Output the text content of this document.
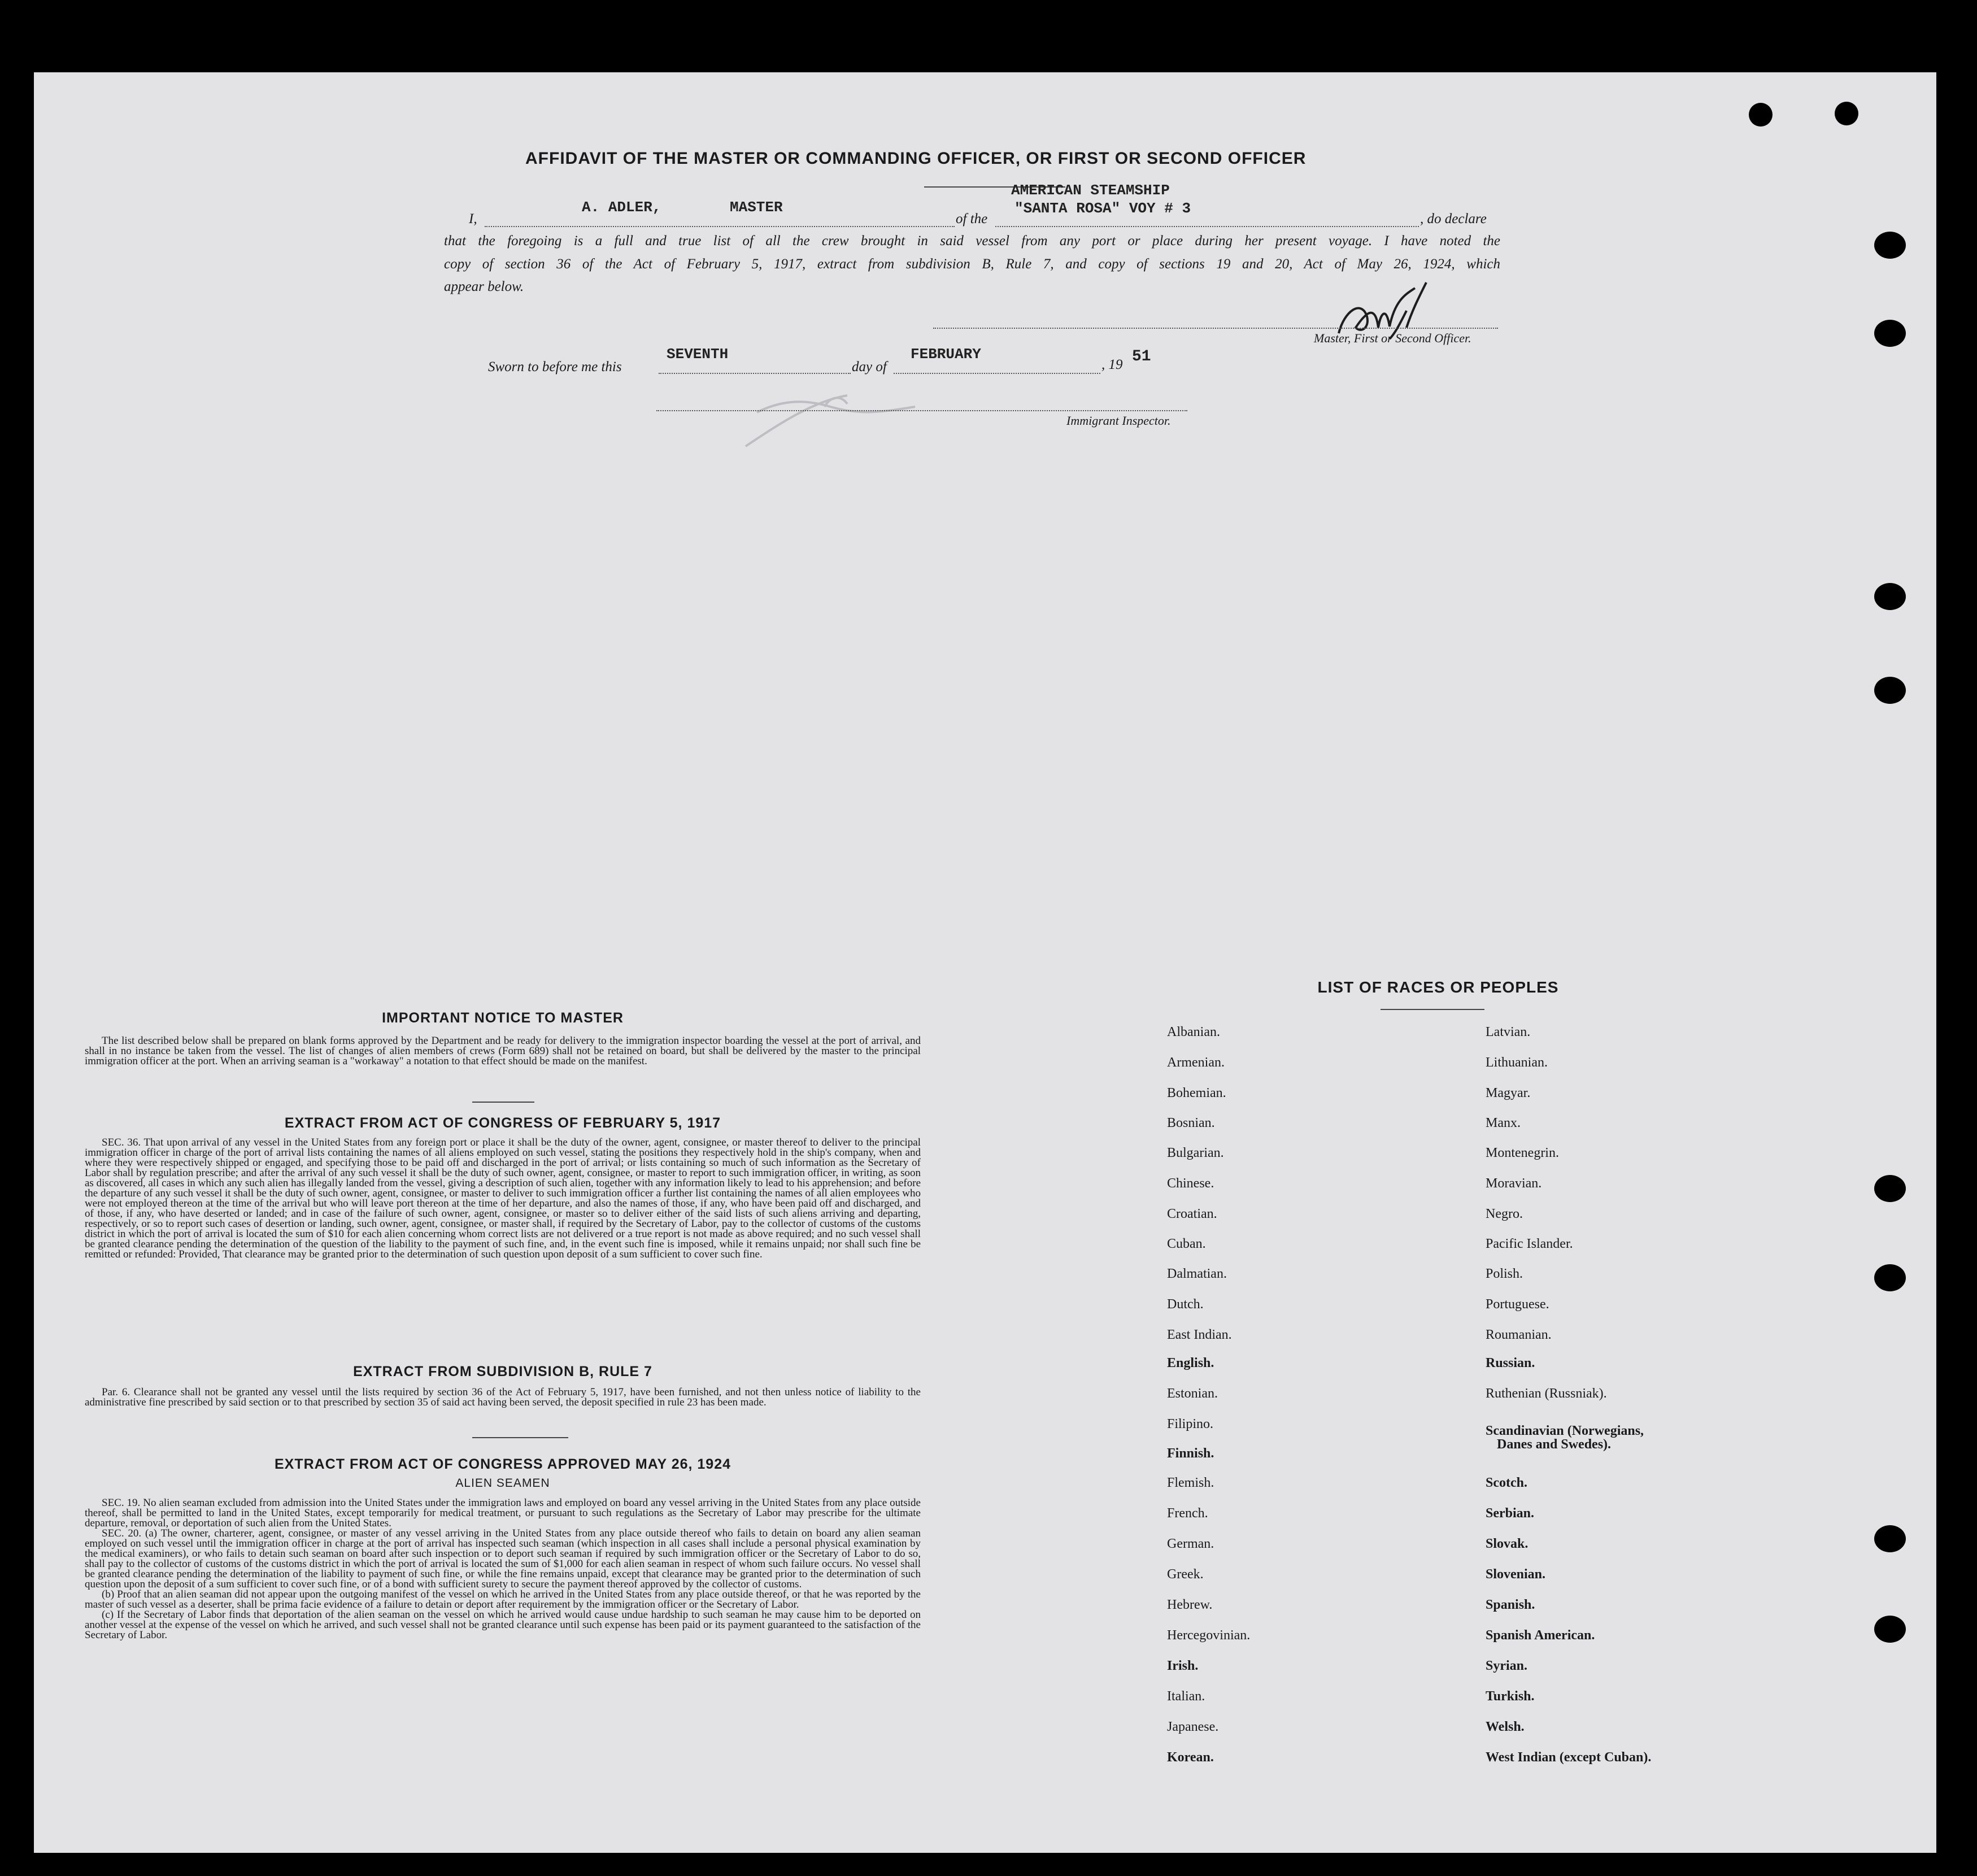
AFFIDAVIT OF THE MASTER OR COMMANDING OFFICER, OR FIRST OR SECOND OFFICER
I,
A. ADLER,	MASTER
of the
AMERICAN STEAMSHIP
"SANTA ROSA" VOY # 3
, do declare
that the foregoing is a full and true list of all the crew brought in said vessel from any port or place during her present voyage. I have noted the
copy of section 36 of the Act of February 5, 1917, extract from subdivision B, Rule 7, and copy of sections 19 and 20, Act of May 26, 1924, which
appear below.
Master, First or Second Officer.
Sworn to before me this
SEVENTH
day of
FEBRUARY
, 19 51
Immigrant Inspector.
IMPORTANT NOTICE TO MASTER

The list described below shall be prepared on blank forms approved by the Department and be ready for delivery to the immigration inspector boarding the vessel at the port of arrival, and shall in no instance be taken from the vessel. The list of changes of alien members of crews (Form 689) shall not be retained on board, but shall be delivered by the master to the principal immigration officer at the port. When an arriving seaman is a "workaway" a notation to that effect should be made on the manifest.

EXTRACT FROM ACT OF CONGRESS OF FEBRUARY 5, 1917

SEC. 36. That upon arrival of any vessel in the United States from any foreign port or place it shall be the duty of the owner, agent, consignee, or master thereof to deliver to the principal immigration officer in charge of the port of arrival lists containing the names of all aliens employed on such vessel, stating the positions they respectively hold in the ship's company, when and where they were respectively shipped or engaged, and specifying those to be paid off and discharged in the port of arrival; or lists containing so much of such information as the Secretary of Labor shall by regulation prescribe; and after the arrival of any such vessel it shall be the duty of such owner, agent, consignee, or master to report to such immigration officer, in writing, as soon as discovered, all cases in which any such alien has illegally landed from the vessel, giving a description of such alien, together with any information likely to lead to his apprehension; and before the departure of any such vessel it shall be the duty of such owner, agent, consignee, or master to deliver to such immigration officer a further list containing the names of all alien employees who were not employed thereon at the time of the arrival but who will leave port thereon at the time of her departure, and also the names of those, if any, who have been paid off and discharged, and of those, if any, who have deserted or landed; and in case of the failure of such owner, agent, consignee, or master so to deliver either of the said lists of such aliens arriving and departing, respectively, or so to report such cases of desertion or landing, such owner, agent, consignee, or master shall, if required by the Secretary of Labor, pay to the collector of customs of the customs district in which the port of arrival is located the sum of $10 for each alien concerning whom correct lists are not delivered or a true report is not made as above required; and no such vessel shall be granted clearance pending the determination of the question of the liability to the payment of such fine, and, in the event such fine is imposed, while it remains unpaid; nor shall such fine be remitted or refunded: Provided, That clearance may be granted prior to the determination of such question upon deposit of a sum sufficient to cover such fine.

EXTRACT FROM SUBDIVISION B, RULE 7

Par. 6. Clearance shall not be granted any vessel until the lists required by section 36 of the Act of February 5, 1917, have been furnished, and not then unless notice of liability to the administrative fine prescribed by said section or to that prescribed by section 35 of said act having been served, the deposit specified in rule 23 has been made.

EXTRACT FROM ACT OF CONGRESS APPROVED MAY 26, 1924
ALIEN SEAMEN

SEC. 19. No alien seaman excluded from admission into the United States under the immigration laws and employed on board any vessel arriving in the United States from any place outside thereof, shall be permitted to land in the United States, except temporarily for medical treatment, or pursuant to such regulations as the Secretary of Labor may prescribe for the ultimate departure, removal, or deportation of such alien from the United States.

SEC. 20. (a) The owner, charterer, agent, consignee, or master of any vessel arriving in the United States from any place outside thereof who fails to detain on board any alien seaman employed on such vessel until the immigration officer in charge at the port of arrival has inspected such seaman (which inspection in all cases shall include a personal physical examination by the medical examiners), or who fails to detain such seaman on board after such inspection or to deport such seaman if required by such immigration officer or the Secretary of Labor to do so, shall pay to the collector of customs of the customs district in which the port of arrival is located the sum of $1,000 for each alien seaman in respect of whom such failure occurs. No vessel shall be granted clearance pending the determination of the liability to payment of such fine, or while the fine remains unpaid, except that clearance may be granted prior to the determination of such question upon the deposit of a sum sufficient to cover such fine, or of a bond with sufficient surety to secure the payment thereof approved by the collector of customs.

(b) Proof that an alien seaman did not appear upon the outgoing manifest of the vessel on which he arrived in the United States from any place outside thereof, or that he was reported by the master of such vessel as a deserter, shall be prima facie evidence of a failure to detain or deport after requirement by the immigration officer or the Secretary of Labor.

(c) If the Secretary of Labor finds that deportation of the alien seaman on the vessel on which he arrived would cause undue hardship to such seaman he may cause him to be deported on another vessel at the expense of the vessel on which he arrived, and such vessel shall not be granted clearance until such expense has been paid or its payment guaranteed to the satisfaction of the Secretary of Labor.

LIST OF RACES OR PEOPLES
Albanian.
Armenian.
Bohemian.
Bosnian.
Bulgarian.
Chinese.
Croatian.
Cuban.
Dalmatian.
Dutch.
East Indian.
English.
Estonian.
Filipino.
Finnish.
Flemish.
French.
German.
Greek.
Hebrew.
Hercegovinian.
Irish.
Italian.
Japanese.
Korean.
Latvian.
Lithuanian.
Magyar.
Manx.
Montenegrin.
Moravian.
Negro.
Pacific Islander.
Polish.
Portuguese.
Roumanian.
Russian.
Ruthenian (Russniak).
Scandinavian (Norwegians,
Danes and Swedes).
Scotch.
Serbian.
Slovak.
Slovenian.
Spanish.
Spanish American.
Syrian.
Turkish.
Welsh.
West Indian (except Cuban).
